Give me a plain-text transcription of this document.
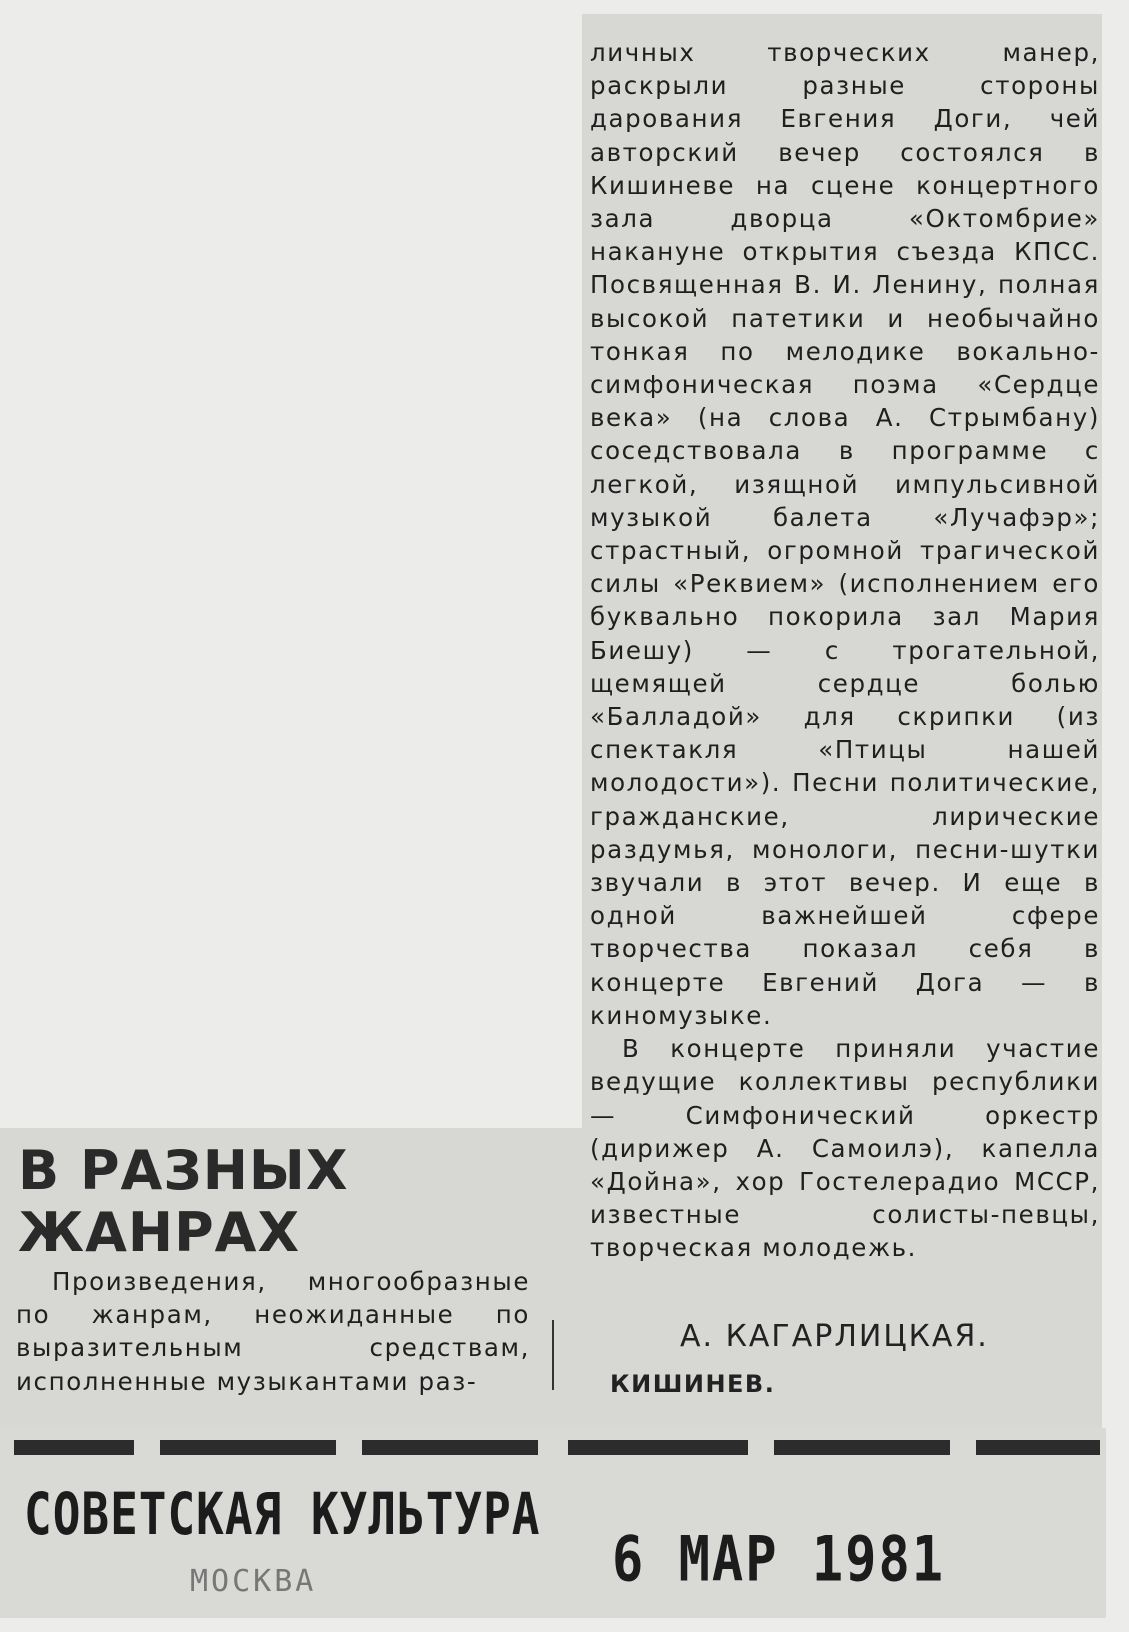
личных творческих манер, раскрыли разные стороны дарования Евгения Доги, чей авторский вечер состоялся в Кишиневе на сцене концертного зала дворца «Октомбрие» накануне открытия съезда КПСС. Посвященная В. И. Ленину, полная высокой патетики и необычайно тонкая по мелодике вокально-симфоническая поэма «Сердце века» (на слова А. Стрымбану) соседствовала в программе с легкой, изящной импульсивной музыкой балета «Лучафэр»; страстный, огромной трагической силы «Реквием» (исполнением его буквально покорила зал Мария Биешу) — с трогательной, щемящей сердце болью «Балладой» для скрипки (из спектакля «Птицы нашей молодости»). Песни политические, гражданские, лирические раздумья, монологи, песни-шутки звучали в этот вечер. И еще в одной важнейшей сфере творчества показал себя в концерте Евгений Дога — в киномузыке.

В концерте приняли участие ведущие коллективы республики — Симфонический оркестр (дирижер А. Самоилэ), капелла «Дойна», хор Гостелерадио МССР, известные солисты-певцы, творческая молодежь.

А. КАГАРЛИЦКАЯ.
КИШИНЕВ.
В РАЗНЫХ
ЖАНРАХ

Произведения, многообразные по жанрам, неожиданные по выразительным средствам, исполненные музыкантами раз-

СОВЕТСКАЯ КУЛЬТУРА
МОСКВА	6 МАР 1981
